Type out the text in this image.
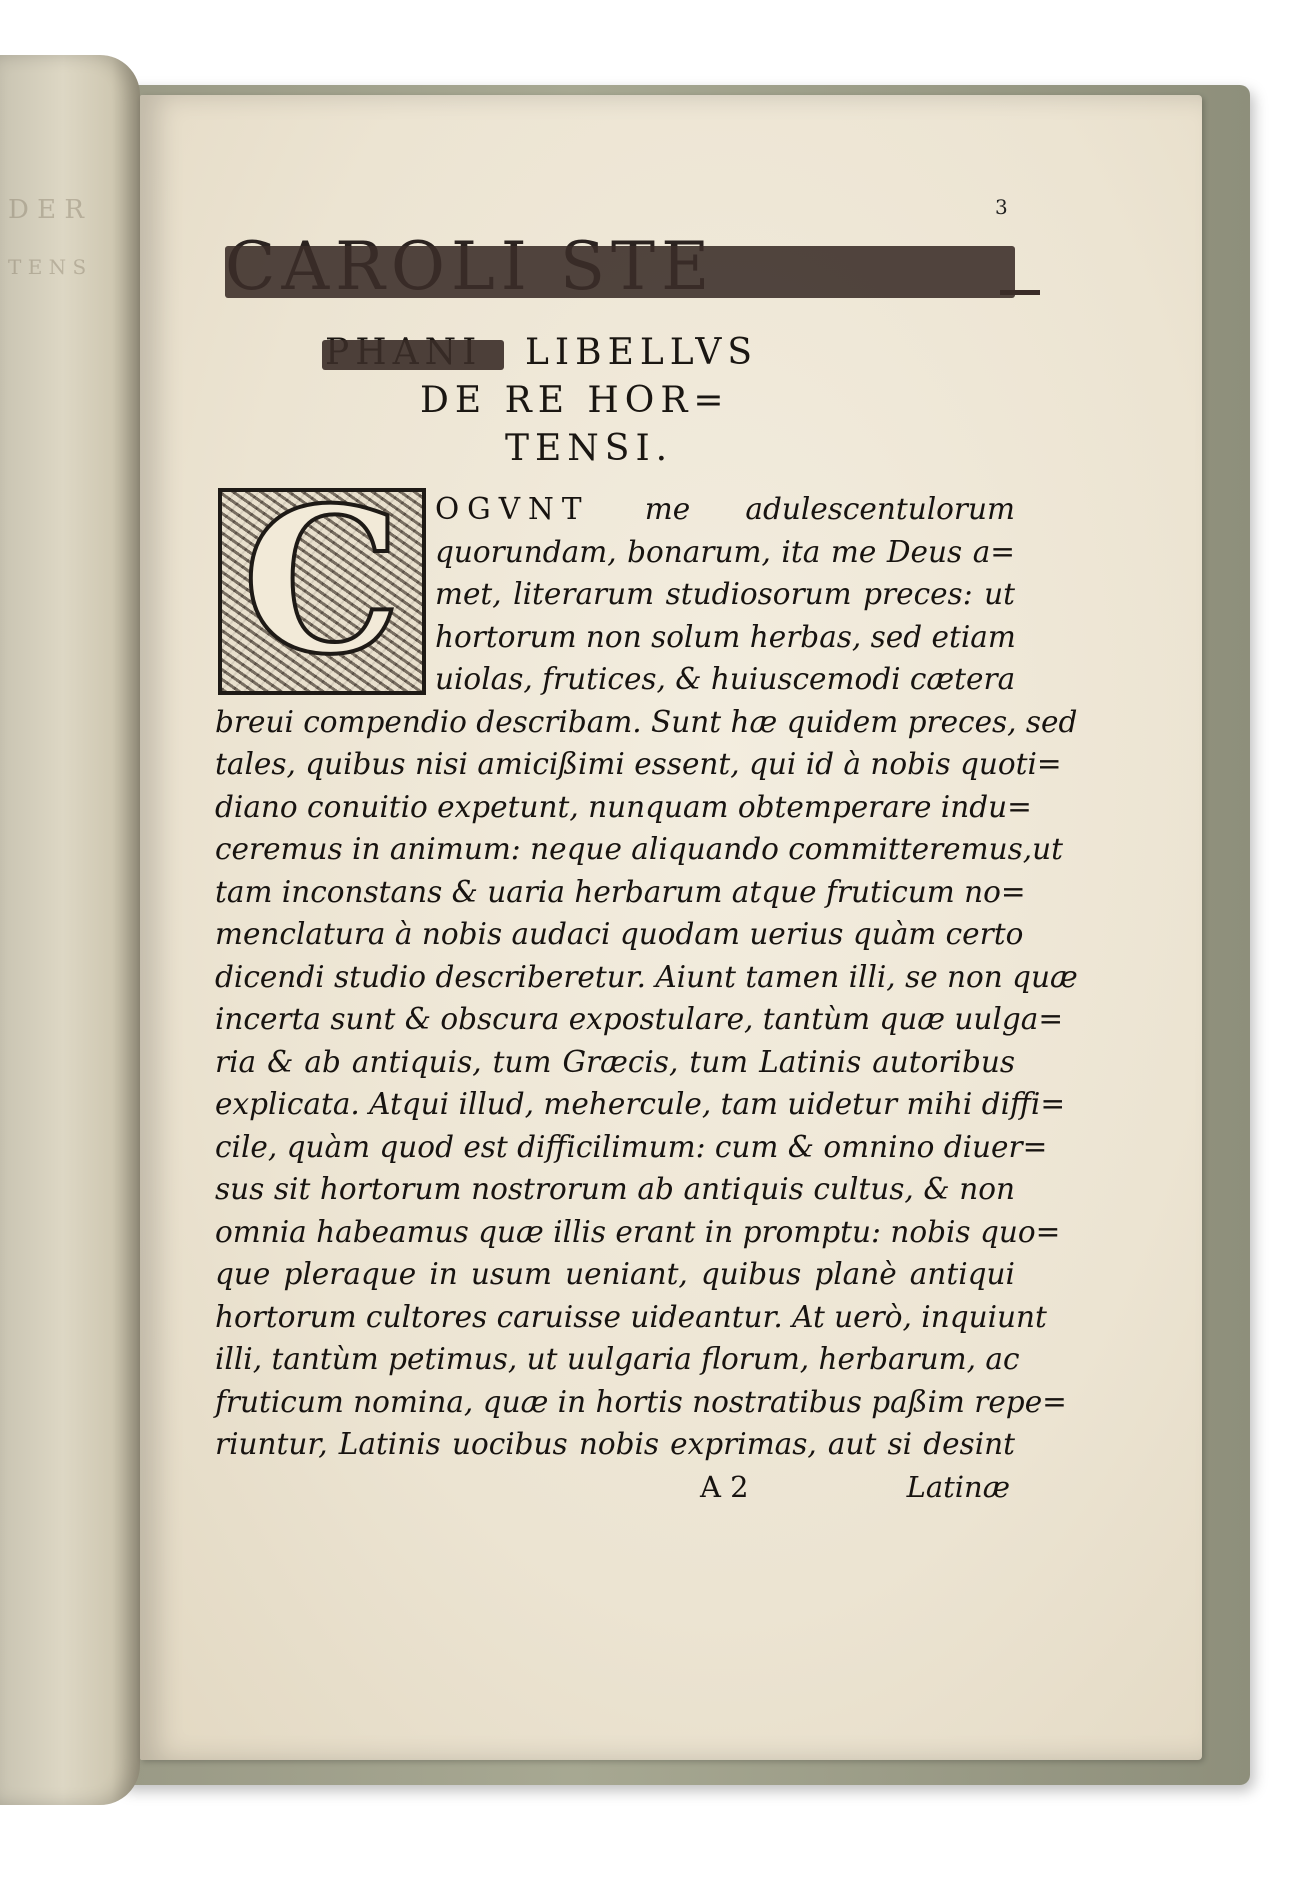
D E R
T E N S
3
LIBELLVS
DE RE HOR=
TENSI.
C	OGVNT me adulescentulorum
quorundam, bonarum, ita me Deus a=
met, literarum studiosorum preces: ut
hortorum non solum herbas, sed etiam
uiolas, frutices, & huiuscemodi cætera
breui compendio describam. Sunt hæ quidem preces, sed
tales, quibus nisi amicißimi essent, qui id à nobis quoti=
diano conuitio expetunt, nunquam obtemperare indu=
ceremus in animum: neque aliquando committeremus,ut
tam inconstans & uaria herbarum atque fruticum no=
menclatura à nobis audaci quodam uerius quàm certo
dicendi studio describeretur. Aiunt tamen illi, se non quæ
incerta sunt & obscura expostulare, tantùm quæ uulga=
ria & ab antiquis, tum Græcis, tum Latinis autoribus
explicata. Atqui illud, mehercule, tam uidetur mihi diffi=
cile, quàm quod est difficilimum: cum & omnino diuer=
sus sit hortorum nostrorum ab antiquis cultus, & non
omnia habeamus quæ illis erant in promptu: nobis quo=
que pleraque in usum ueniant, quibus planè antiqui
hortorum cultores caruisse uideantur. At uerò, inquiunt
illi, tantùm petimus, ut uulgaria florum, herbarum, ac
fruticum nomina, quæ in hortis nostratibus paßim repe=
riuntur, Latinis uocibus nobis exprimas, aut si desint
A 2	Latinæ
